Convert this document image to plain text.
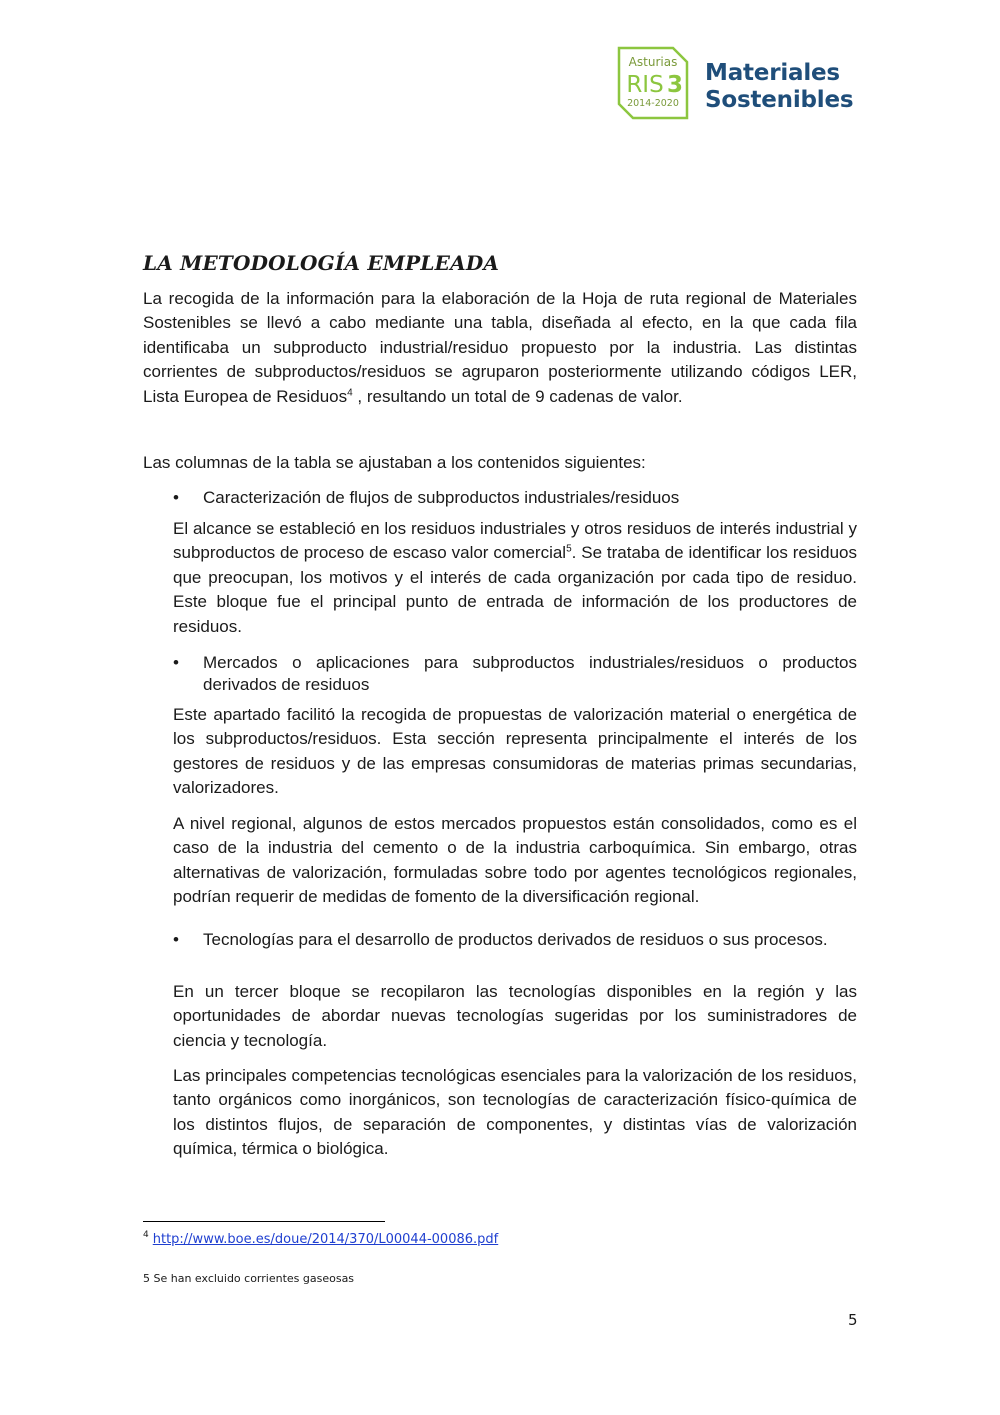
Asturias
RIS 3
2014-2020
Materiales
Sostenibles
LA METODOLOGÍA EMPLEADA

La recogida de la información para la elaboración de la Hoja de ruta regional de Materiales Sostenibles se llevó a cabo mediante una tabla, diseñada al efecto, en la que cada fila identificaba un subproducto industrial/residuo propuesto por la industria. Las distintas corrientes de subproductos/residuos se agruparon posteriormente utilizando códigos LER, Lista Europea de Residuos$^4$ , resultando un total de 9 cadenas de valor.

Las columnas de la tabla se ajustaban a los contenidos siguientes:

• Caracterización de flujos de subproductos industriales/residuos

El alcance se estableció en los residuos industriales y otros residuos de interés industrial y subproductos de proceso de escaso valor comercial$^5$. Se trataba de identificar los residuos que preocupan, los motivos y el interés de cada organización por cada tipo de residuo. Este bloque fue el principal punto de entrada de información de los productores de residuos.

• Mercados o aplicaciones para subproductos industriales/residuos o productos derivados de residuos

Este apartado facilitó la recogida de propuestas de valorización material o energética de los subproductos/residuos. Esta sección representa principalmente el interés de los gestores de residuos y de las empresas consumidoras de materias primas secundarias, valorizadores.

A nivel regional, algunos de estos mercados propuestos están consolidados, como es el caso de la industria del cemento o de la industria carboquímica. Sin embargo, otras alternativas de valorización, formuladas sobre todo por agentes tecnológicos regionales, podrían requerir de medidas de fomento de la diversificación regional.

• Tecnologías para el desarrollo de productos derivados de residuos o sus procesos.

En un tercer bloque se recopilaron las tecnologías disponibles en la región y las oportunidades de abordar nuevas tecnologías sugeridas por los suministradores de ciencia y tecnología.

Las principales competencias tecnológicas esenciales para la valorización de los residuos, tanto orgánicos como inorgánicos, son tecnologías de caracterización físico-química de los distintos flujos, de separación de componentes, y distintas vías de valorización química, térmica o biológica.

$^4$ http://www.boe.es/doue/2014/370/L00044-00086.pdf
5 Se han excluido corrientes gaseosas
5
